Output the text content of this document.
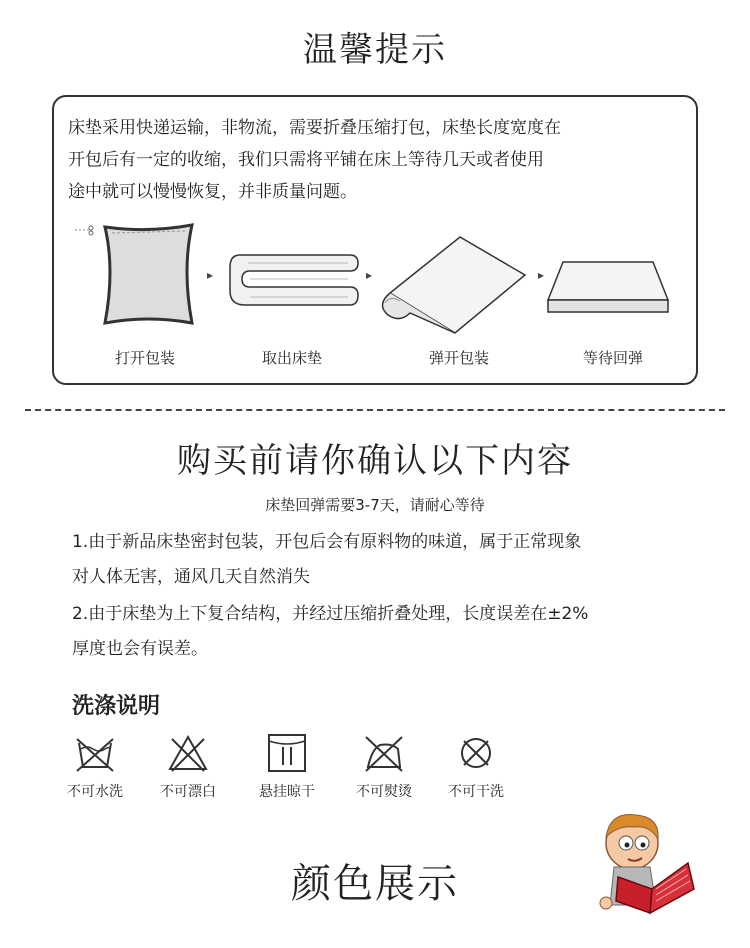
温馨提示
床垫采用快递运输，非物流，需要折叠压缩打包，床垫长度宽度在
开包后有一定的收缩，我们只需将平铺在床上等待几天或者使用
途中就可以慢慢恢复，并非质量问题。
▸	▸	▸
打开包装	取出床垫	弹开包装	等待回弹
购买前请你确认以下内容
床垫回弹需要3-7天，请耐心等待
1.由于新品床垫密封包装，开包后会有原料物的味道，属于正常现象
对人体无害，通风几天自然消失
2.由于床垫为上下复合结构，并经过压缩折叠处理，长度误差在±2%
厚度也会有误差。
洗涤说明
不可水洗	不可漂白	悬挂晾干	不可熨烫	不可干洗
颜色展示
